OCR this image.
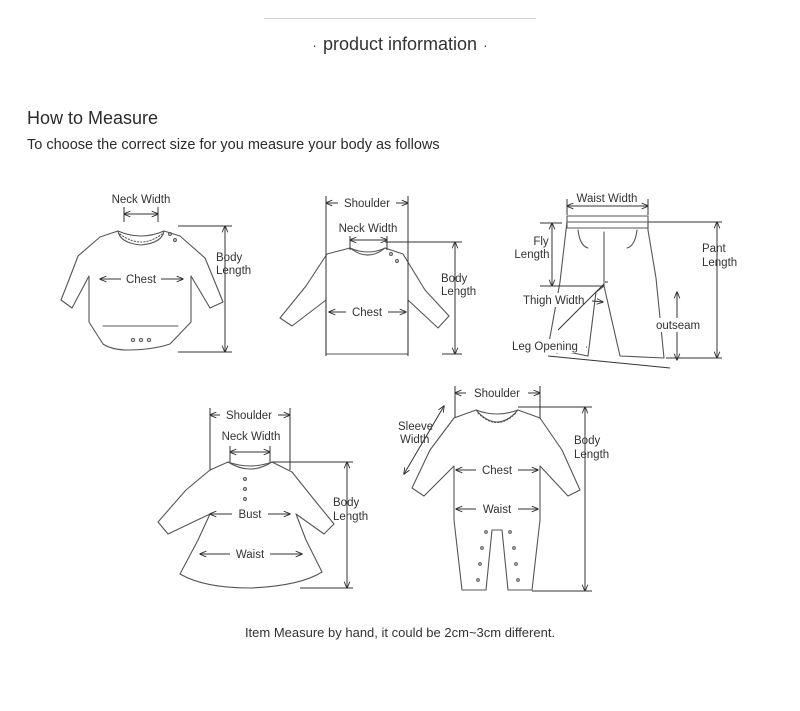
· product information ·
How to Measure
To choose the correct size for you measure your body as follows
Neck Width
Chest
Body
Length
Shoulder
Neck Width
Chest
Body
Length
Waist Width
Fly
Length	Pant
Length
Thigh Width
outseam
Leg Opening
Shoulder
Neck Width
Bust
Waist
Body
Length
Shoulder
Sleeve
Width
Chest
Waist
Body
Length
Item Measure by hand, it could be 2cm~3cm different.
